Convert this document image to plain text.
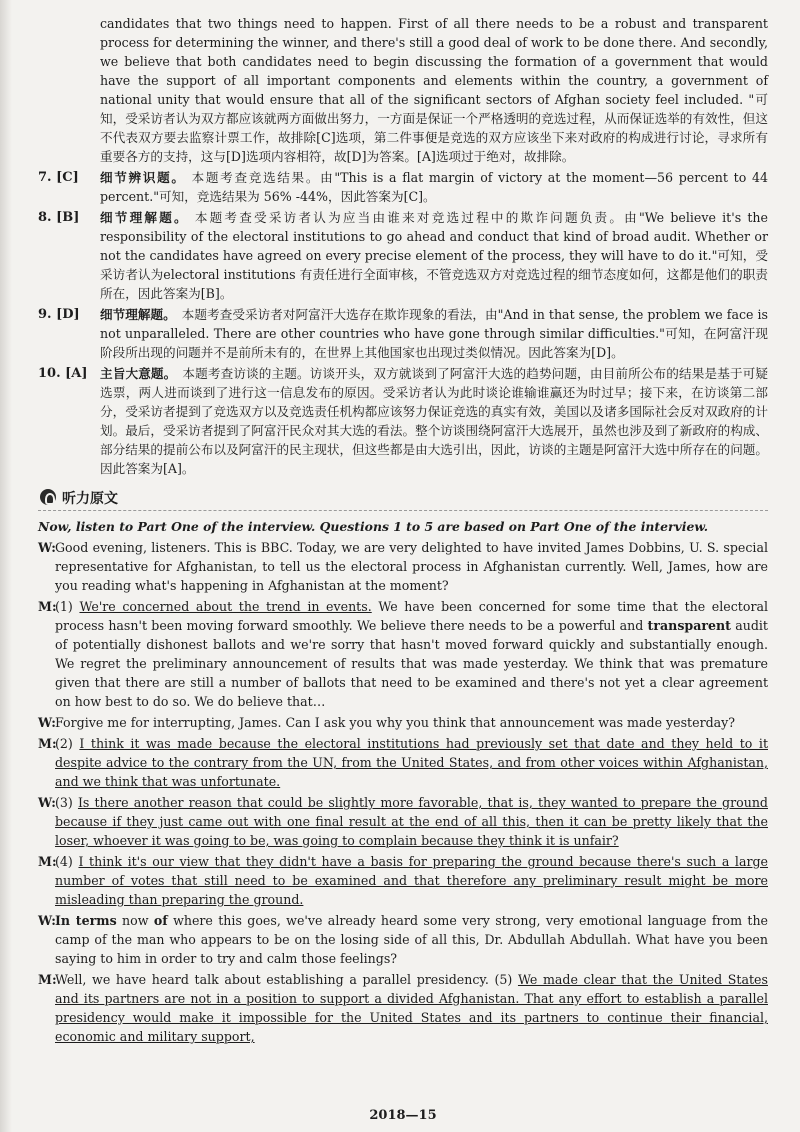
candidates that two things need to happen. First of all there needs to be a robust and transparent process for determining the winner, and there's still a good deal of work to be done there. And secondly, we believe that both candidates need to begin discussing the formation of a government that would have the support of all important components and elements within the country, a government of national unity that would ensure that all of the significant sectors of Afghan society feel included. "可知，受采访者认为双方都应该就两方面做出努力，一方面是保证一个严格透明的竞选过程，从而保证选举的有效性，但这不代表双方要去监察计票工作，故排除[C]选项，第二件事便是竞选的双方应该坐下来对政府的构成进行讨论，寻求所有重要各方的支持，这与[D]选项内容相符，故[D]为答案。[A]选项过于绝对，故排除。

7. [C] 细节辨识题。 本题考查竞选结果。由"This is a flat margin of victory at the moment—56 percent to 44 percent."可知，竞选结果为 56% -44%，因此答案为[C]。
8. [B] 细节理解题。 本题考查受采访者认为应当由谁来对竞选过程中的欺诈问题负责。由"We believe it's the responsibility of the electoral institutions to go ahead and conduct that kind of broad audit. Whether or not the candidates have agreed on every precise element of the process, they will have to do it."可知，受采访者认为electoral institutions 有责任进行全面审核，不管竞选双方对竞选过程的细节态度如何，这都是他们的职责所在，因此答案为[B]。
9. [D] 细节理解题。 本题考查受采访者对阿富汗大选存在欺诈现象的看法，由"And in that sense, the problem we face is not unparalleled. There are other countries who have gone through similar difficulties."可知，在阿富汗现阶段所出现的问题并不是前所未有的，在世界上其他国家也出现过类似情况。因此答案为[D]。
10. [A] 主旨大意题。 本题考查访谈的主题。访谈开头，双方就谈到了阿富汗大选的趋势问题，由目前所公布的结果是基于可疑选票，两人进而谈到了进行这一信息发布的原因。受采访者认为此时谈论谁输谁赢还为时过早；接下来，在访谈第二部分，受采访者提到了竞选双方以及竞选责任机构都应该努力保证竞选的真实有效，美国以及诸多国际社会反对双政府的计划。最后，受采访者提到了阿富汗民众对其大选的看法。整个访谈围绕阿富汗大选展开，虽然也涉及到了新政府的构成、部分结果的提前公布以及阿富汗的民主现状，但这些都是由大选引出，因此，访谈的主题是阿富汗大选中所存在的问题。因此答案为[A]。
听力原文
Now, listen to Part One of the interview. Questions 1 to 5 are based on Part One of the interview.
W: Good evening, listeners. This is BBC. Today, we are very delighted to have invited James Dobbins, U. S. special representative for Afghanistan, to tell us the electoral process in Afghanistan currently. Well, James, how are you reading what's happening in Afghanistan at the moment?
M:
(1) We're concerned about the trend in events. We have been concerned for some time that the electoral process hasn't been moving forward smoothly. We believe there needs to be a powerful and transparent audit of potentially dishonest ballots and we're sorry that hasn't moved forward quickly and substantially enough. We regret the preliminary announcement of results that was made yesterday. We think that was premature given that there are still a number of ballots that need to be examined and there's not yet a clear agreement on how best to do so. We do believe that…
W: Forgive me for interrupting, James. Can I ask you why you think that announcement was made yesterday?
M:
(2) I think it was made because the electoral institutions had previously set that date and they held to it despite advice to the contrary from the UN, from the United States, and from other voices within Afghanistan, and we think that was unfortunate.
W: (3) Is there another reason that could be slightly more favorable, that is, they wanted to prepare the ground because if they just came out with one final result at the end of all this, then it can be pretty likely that the loser, whoever it was going to be, was going to complain because they think it is unfair?
M:
(4) I think it's our view that they didn't have a basis for preparing the ground because there's such a large number of votes that still need to be examined and that therefore any preliminary result might be more misleading than preparing the ground.
W: In terms now of where this goes, we've already heard some very strong, very emotional language from the camp of the man who appears to be on the losing side of all this, Dr. Abdullah Abdullah. What have you been saying to him in order to try and calm those feelings?
M:
Well, we have heard talk about establishing a parallel presidency. (5) We made clear that the United States and its partners are not in a position to support a divided Afghanistan. That any effort to establish a parallel presidency would make it impossible for the United States and its partners to continue their financial, economic and military support,
2018—15
